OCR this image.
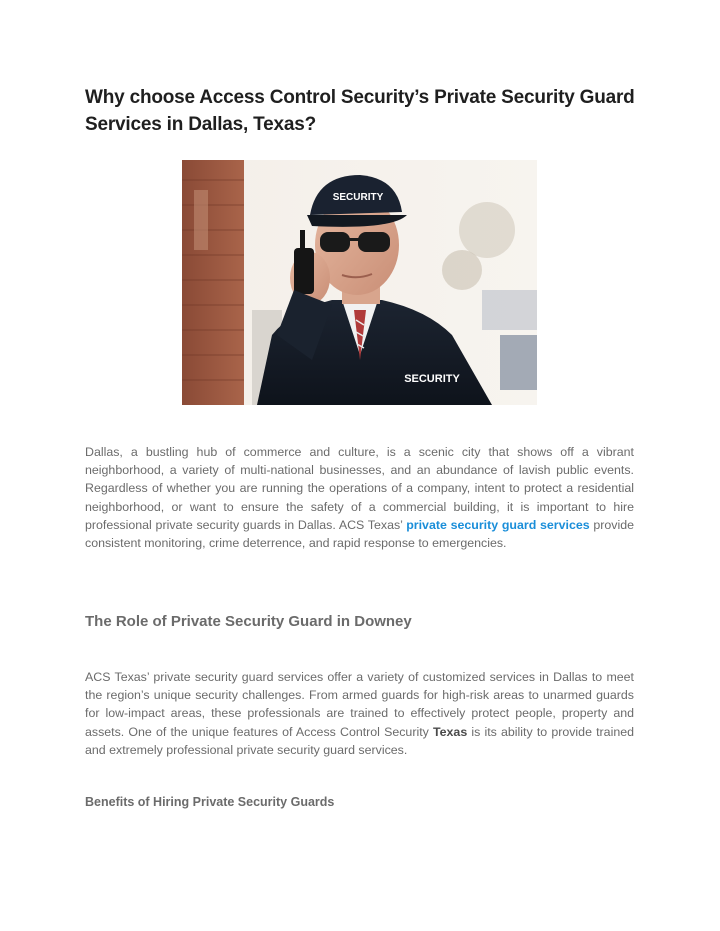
Why choose Access Control Security’s Private Security Guard Services in Dallas, Texas?
SECURITY
SECURITY

Dallas, a bustling hub of commerce and culture, is a scenic city that shows off a vibrant neighborhood, a variety of multi-national businesses, and an abundance of lavish public events. Regardless of whether you are running the operations of a company, intent to protect a residential neighborhood, or want to ensure the safety of a commercial building, it is important to hire professional private security guards in Dallas. ACS Texas’ private security guard services provide consistent monitoring, crime deterrence, and rapid response to emergencies.

The Role of Private Security Guard in Downey

ACS Texas’ private security guard services offer a variety of customized services in Dallas to meet the region’s unique security challenges. From armed guards for high-risk areas to unarmed guards for low-impact areas, these professionals are trained to effectively protect people, property and assets. One of the unique features of Access Control Security Texas is its ability to provide trained and extremely professional private security guard services.

Benefits of Hiring Private Security Guards
